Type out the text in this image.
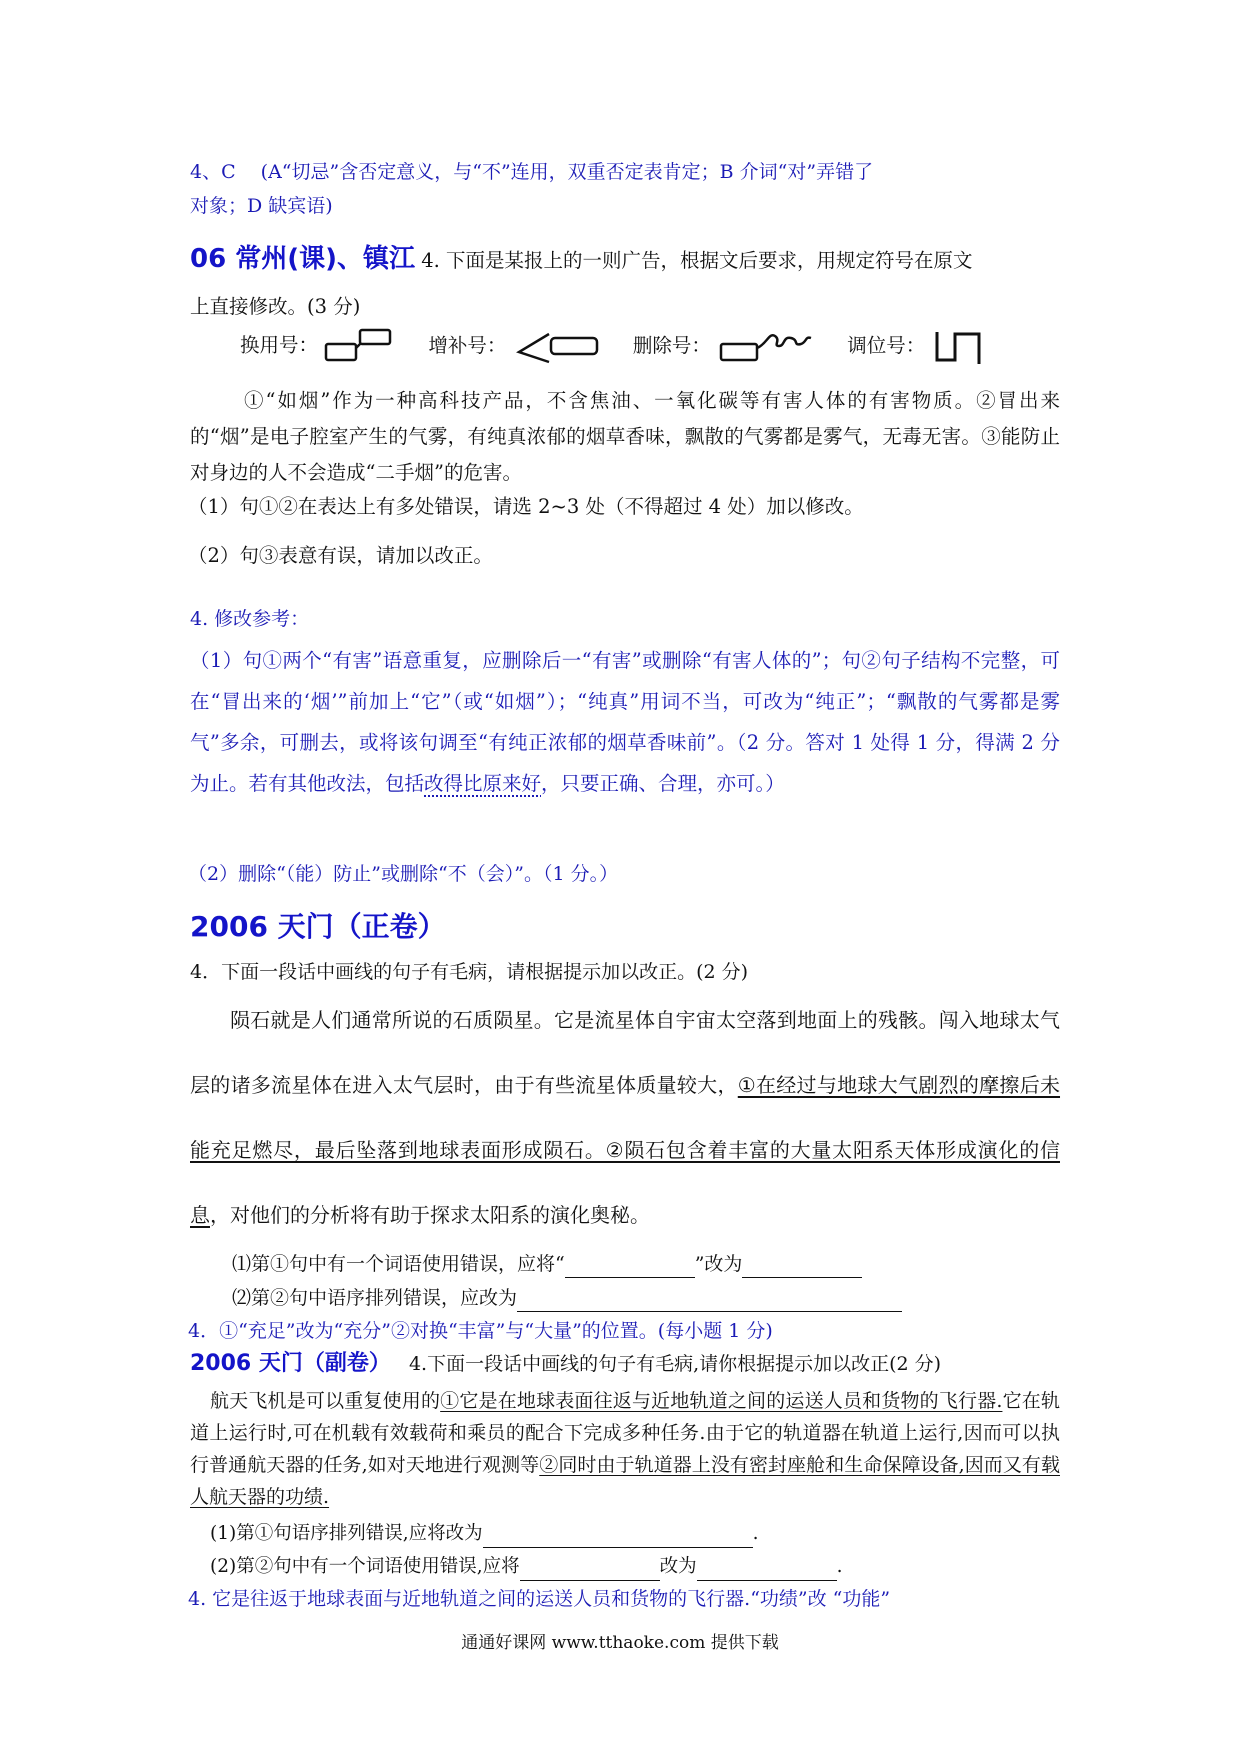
4、C　 (A“切忌”含否定意义，与“不”连用，双重否定表肯定；B 介词“对”弄错了
对象；D 缺宾语)
06 常州(课)、镇江 4. 下面是某报上的一则广告，根据文后要求，用规定符号在原文
上直接修改。(3 分)
换用号：	增补号：	删除号：	调位号：
①“如烟”作为一种高科技产品，不含焦油、一氧化碳等有害人体的有害物质。②冒出来的“烟”是电子腔室产生的气雾，有纯真浓郁的烟草香味，飘散的气雾都是雾气，无毒无害。③能防止对身边的人不会造成“二手烟”的危害。
（1）句①②在表达上有多处错误，请选 2~3 处（不得超过 4 处）加以修改。
（2）句③表意有误，请加以改正。
4. 修改参考：
（1）句①两个“有害”语意重复，应删除后一“有害”或删除“有害人体的”；句②句子结构不完整，可在“冒出来的‘烟’”前加上“它”（或“如烟”）；“纯真”用词不当，可改为“纯正”；“飘散的气雾都是雾气”多余，可删去，或将该句调至“有纯正浓郁的烟草香味前”。（2 分。答对 1 处得 1 分，得满 2 分为止。若有其他改法，包括改得比原来好，只要正确、合理，亦可。）
（2）删除“（能）防止”或删除“不（会）”。（1 分。）
2006 天门（正卷）
4．下面一段话中画线的句子有毛病，请根据提示加以改正。(2 分)
陨石就是人们通常所说的石质陨星。它是流星体自宇宙太空落到地面上的残骸。闯入地球太气层的诸多流星体在进入太气层时，由于有些流星体质量较大，①在经过与地球大气剧烈的摩擦后未能充足燃尽，最后坠落到地球表面形成陨石。②陨石包含着丰富的大量太阳系天体形成演化的信息，对他们的分析将有助于探求太阳系的演化奥秘。
⑴第①句中有一个词语使用错误，应将“	”改为
⑵第②句中语序排列错误，应改为
4．①“充足”改为“充分”②对换“丰富”与“大量”的位置。(每小题 1 分)
2006 天门（副卷） 4.下面一段话中画线的句子有毛病,请你根据提示加以改正(2 分)
航天飞机是可以重复使用的①它是在地球表面往返与近地轨道之间的运送人员和货物的飞行器.它在轨道上运行时,可在机载有效载荷和乘员的配合下完成多种任务.由于它的轨道器在轨道上运行,因而可以执行普通航天器的任务,如对天地进行观测等②同时由于轨道器上没有密封座舱和生命保障设备,因而又有载人航天器的功绩.
(1)第①句语序排列错误,应将改为	.
(2)第②句中有一个词语使用错误,应将	改为	.
4. 它是往返于地球表面与近地轨道之间的运送人员和货物的飞行器.“功绩”改 “功能”
通通好课网 www.tthaoke.com 提供下载
